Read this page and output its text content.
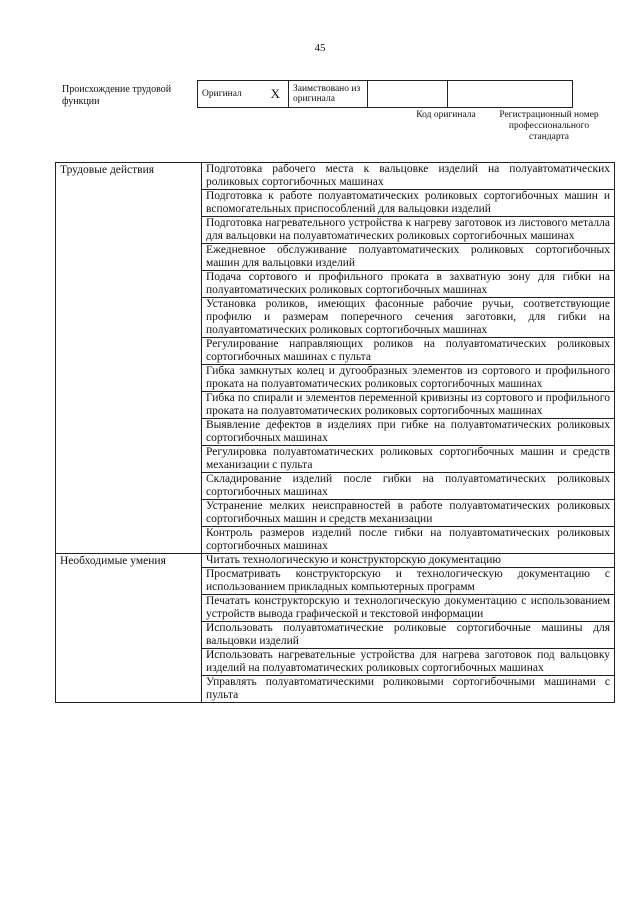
45
Происхождение трудовой функции
Оригинал X	Заимствовано из оригинала		
Код оригинала	Регистрационный номер профессионального стандарта
Трудовые действия	Подготовка рабочего места к вальцовке изделий на полуавтоматических роликовых сортогибочных машинах
	Подготовка к работе полуавтоматических роликовых сортогибочных машин и вспомогательных приспособлений для вальцовки изделий
	Подготовка нагревательного устройства к нагреву заготовок из листового металла для вальцовки на полуавтоматических роликовых сортогибочных машинах
	Ежедневное обслуживание полуавтоматических роликовых сортогибочных машин для вальцовки изделий
	Подача сортового и профильного проката в захватную зону для гибки на полуавтоматических роликовых сортогибочных машинах
	Установка роликов, имеющих фасонные рабочие ручьи, соответствующие профилю и размерам поперечного сечения заготовки, для гибки на полуавтоматических роликовых сортогибочных машинах
	Регулирование направляющих роликов на полуавтоматических роликовых сортогибочных машинах с пульта
	Гибка замкнутых колец и дугообразных элементов из сортового и профильного проката на полуавтоматических роликовых сортогибочных машинах
	Гибка по спирали и элементов переменной кривизны из сортового и профильного проката на полуавтоматических роликовых сортогибочных машинах
	Выявление дефектов в изделиях при гибке на полуавтоматических роликовых сортогибочных машинах
	Регулировка полуавтоматических роликовых сортогибочных машин и средств механизации с пульта
	Складирование изделий после гибки на полуавтоматических роликовых сортогибочных машинах
	Устранение мелких неисправностей в работе полуавтоматических роликовых сортогибочных машин и средств механизации
	Контроль размеров изделий после гибки на полуавтоматических роликовых сортогибочных машинах
Необходимые умения	Читать технологическую и конструкторскую документацию
	Просматривать конструкторскую и технологическую документацию с использованием прикладных компьютерных программ
	Печатать конструкторскую и технологическую документацию с использованием устройств вывода графической и текстовой информации
	Использовать полуавтоматические роликовые сортогибочные машины для вальцовки изделий
	Использовать нагревательные устройства для нагрева заготовок под вальцовку изделий на полуавтоматических роликовых сортогибочных машинах
	Управлять полуавтоматическими роликовыми сортогибочными машинами с пульта
